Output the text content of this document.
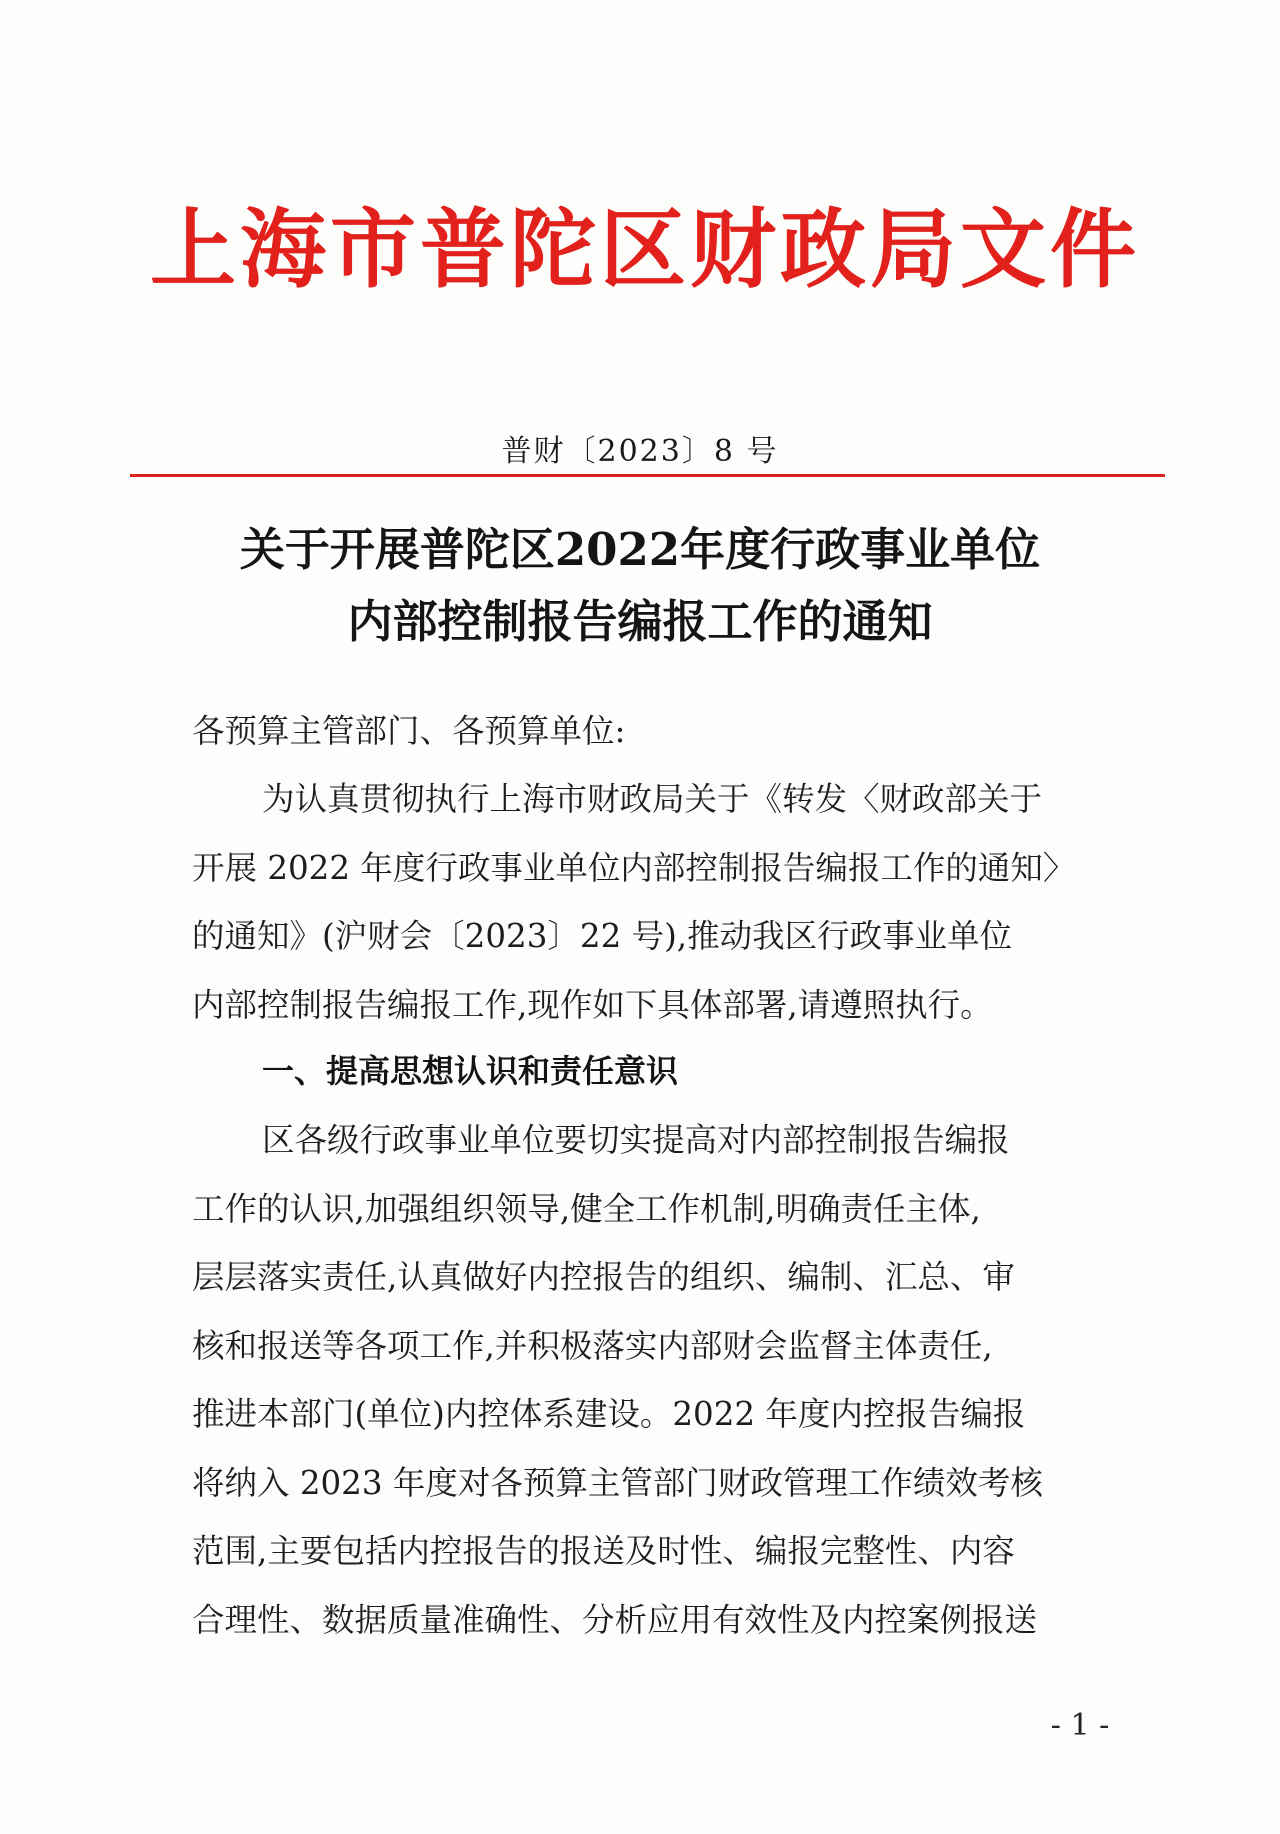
上海市普陀区财政局文件
普财〔2023〕8 号
关于开展普陀区2022年度行政事业单位
内部控制报告编报工作的通知
各预算主管部门、各预算单位:
为认真贯彻执行上海市财政局关于《转发〈财政部关于
开展 2022 年度行政事业单位内部控制报告编报工作的通知〉
的通知》(沪财会〔2023〕22 号),推动我区行政事业单位
内部控制报告编报工作,现作如下具体部署,请遵照执行。
一、提高思想认识和责任意识
区各级行政事业单位要切实提高对内部控制报告编报
工作的认识,加强组织领导,健全工作机制,明确责任主体,
层层落实责任,认真做好内控报告的组织、编制、汇总、审
核和报送等各项工作,并积极落实内部财会监督主体责任,
推进本部门(单位)内控体系建设。2022 年度内控报告编报
将纳入 2023 年度对各预算主管部门财政管理工作绩效考核
范围,主要包括内控报告的报送及时性、编报完整性、内容
合理性、数据质量准确性、分析应用有效性及内控案例报送
- 1 -
